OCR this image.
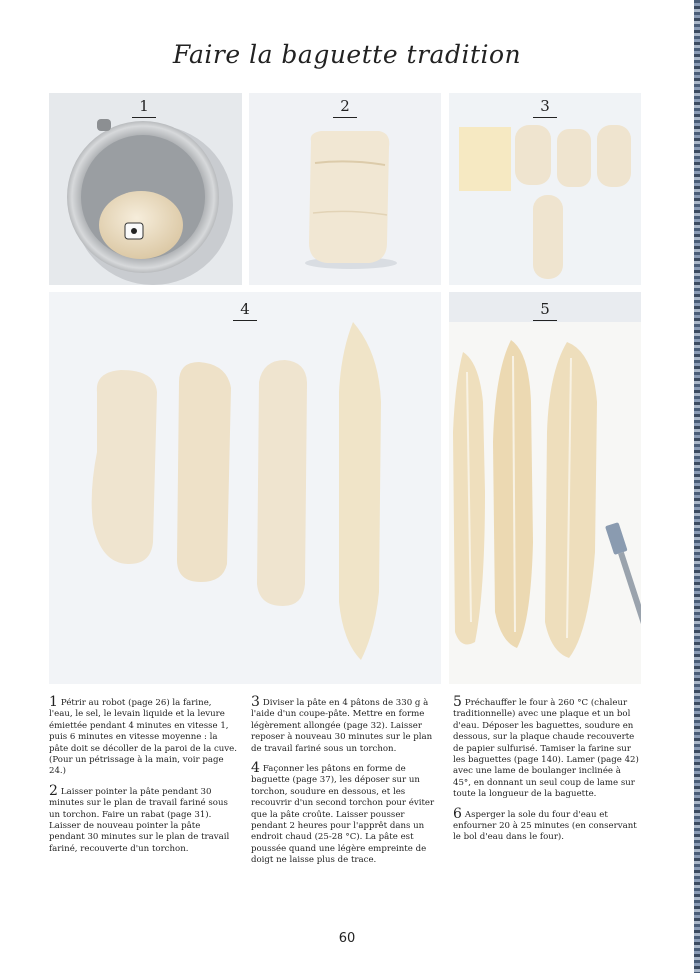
Faire la baguette tradition
1	2	3
4	5

1 Pétrir au robot (page 26) la farine, l'eau, le sel, le levain liquide et la levure émiettée pendant 4 minutes en vitesse 1, puis 6 minutes en vitesse moyenne : la pâte doit se décoller de la paroi de la cuve. (Pour un pétrissage à la main, voir page 24.)

2 Laisser pointer la pâte pendant 30 minutes sur le plan de travail fariné sous un torchon. Faire un rabat (page 31). Laisser de nouveau pointer la pâte pendant 30 minutes sur le plan de travail fariné, recouverte d'un torchon.

3 Diviser la pâte en 4 pâtons de 330 g à l'aide d'un coupe-pâte. Mettre en forme légèrement allongée (page 32). Laisser reposer à nouveau 30 minutes sur le plan de travail fariné sous un torchon.

4 Façonner les pâtons en forme de baguette (page 37), les déposer sur un torchon, soudure en dessous, et les recouvrir d'un second torchon pour éviter que la pâte croûte. Laisser pousser pendant 2 heures pour l'apprêt dans un endroit chaud (25-28 °C). La pâte est poussée quand une légère empreinte de doigt ne laisse plus de trace.

5 Préchauffer le four à 260 °C (chaleur traditionnelle) avec une plaque et un bol d'eau. Déposer les baguettes, soudure en dessous, sur la plaque chaude recouverte de papier sulfurisé. Tamiser la farine sur les baguettes (page 140). Lamer (page 42) avec une lame de boulanger inclinée à 45°, en donnant un seul coup de lame sur toute la longueur de la baguette.

6 Asperger la sole du four d'eau et enfourner 20 à 25 minutes (en conservant le bol d'eau dans le four).

60
